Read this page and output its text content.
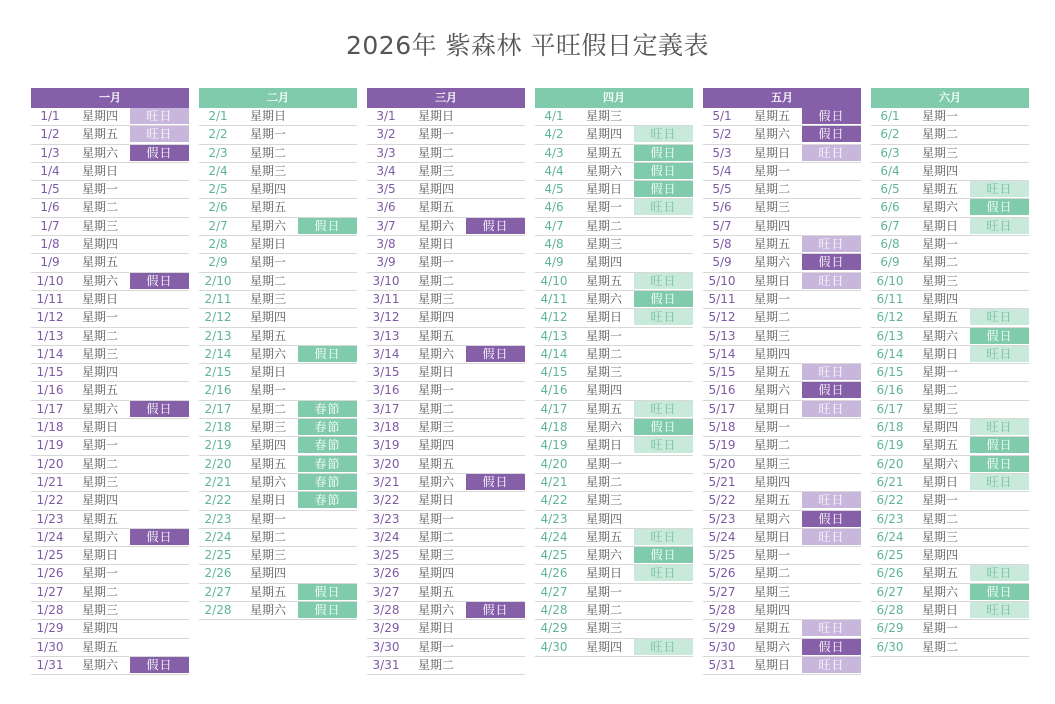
2026年 紫森林 平旺假日定義表
一月
1/1	星期四	旺日
1/2	星期五	旺日
1/3	星期六	假日
1/4	星期日
1/5	星期一
1/6	星期二
1/7	星期三
1/8	星期四
1/9	星期五
1/10	星期六	假日
1/11	星期日
1/12	星期一
1/13	星期二
1/14	星期三
1/15	星期四
1/16	星期五
1/17	星期六	假日
1/18	星期日
1/19	星期一
1/20	星期二
1/21	星期三
1/22	星期四
1/23	星期五
1/24	星期六	假日
1/25	星期日
1/26	星期一
1/27	星期二
1/28	星期三
1/29	星期四
1/30	星期五
1/31	星期六	假日
二月
2/1	星期日
2/2	星期一
2/3	星期二
2/4	星期三
2/5	星期四
2/6	星期五
2/7	星期六	假日
2/8	星期日
2/9	星期一
2/10	星期二
2/11	星期三
2/12	星期四
2/13	星期五
2/14	星期六	假日
2/15	星期日
2/16	星期一
2/17	星期二	春節
2/18	星期三	春節
2/19	星期四	春節
2/20	星期五	春節
2/21	星期六	春節
2/22	星期日	春節
2/23	星期一
2/24	星期二
2/25	星期三
2/26	星期四
2/27	星期五	假日
2/28	星期六	假日
三月
3/1	星期日
3/2	星期一
3/3	星期二
3/4	星期三
3/5	星期四
3/6	星期五
3/7	星期六	假日
3/8	星期日
3/9	星期一
3/10	星期二
3/11	星期三
3/12	星期四
3/13	星期五
3/14	星期六	假日
3/15	星期日
3/16	星期一
3/17	星期二
3/18	星期三
3/19	星期四
3/20	星期五
3/21	星期六	假日
3/22	星期日
3/23	星期一
3/24	星期二
3/25	星期三
3/26	星期四
3/27	星期五
3/28	星期六	假日
3/29	星期日
3/30	星期一
3/31	星期二
四月
4/1	星期三
4/2	星期四	旺日
4/3	星期五	假日
4/4	星期六	假日
4/5	星期日	假日
4/6	星期一	旺日
4/7	星期二
4/8	星期三
4/9	星期四
4/10	星期五	旺日
4/11	星期六	假日
4/12	星期日	旺日
4/13	星期一
4/14	星期二
4/15	星期三
4/16	星期四
4/17	星期五	旺日
4/18	星期六	假日
4/19	星期日	旺日
4/20	星期一
4/21	星期二
4/22	星期三
4/23	星期四
4/24	星期五	旺日
4/25	星期六	假日
4/26	星期日	旺日
4/27	星期一
4/28	星期二
4/29	星期三
4/30	星期四	旺日
五月
5/1	星期五	假日
5/2	星期六	假日
5/3	星期日	旺日
5/4	星期一
5/5	星期二
5/6	星期三
5/7	星期四
5/8	星期五	旺日
5/9	星期六	假日
5/10	星期日	旺日
5/11	星期一
5/12	星期二
5/13	星期三
5/14	星期四
5/15	星期五	旺日
5/16	星期六	假日
5/17	星期日	旺日
5/18	星期一
5/19	星期二
5/20	星期三
5/21	星期四
5/22	星期五	旺日
5/23	星期六	假日
5/24	星期日	旺日
5/25	星期一
5/26	星期二
5/27	星期三
5/28	星期四
5/29	星期五	旺日
5/30	星期六	假日
5/31	星期日	旺日
六月
6/1	星期一
6/2	星期二
6/3	星期三
6/4	星期四
6/5	星期五	旺日
6/6	星期六	假日
6/7	星期日	旺日
6/8	星期一
6/9	星期二
6/10	星期三
6/11	星期四
6/12	星期五	旺日
6/13	星期六	假日
6/14	星期日	旺日
6/15	星期一
6/16	星期二
6/17	星期三
6/18	星期四	旺日
6/19	星期五	假日
6/20	星期六	假日
6/21	星期日	旺日
6/22	星期一
6/23	星期二
6/24	星期三
6/25	星期四
6/26	星期五	旺日
6/27	星期六	假日
6/28	星期日	旺日
6/29	星期一
6/30	星期二
